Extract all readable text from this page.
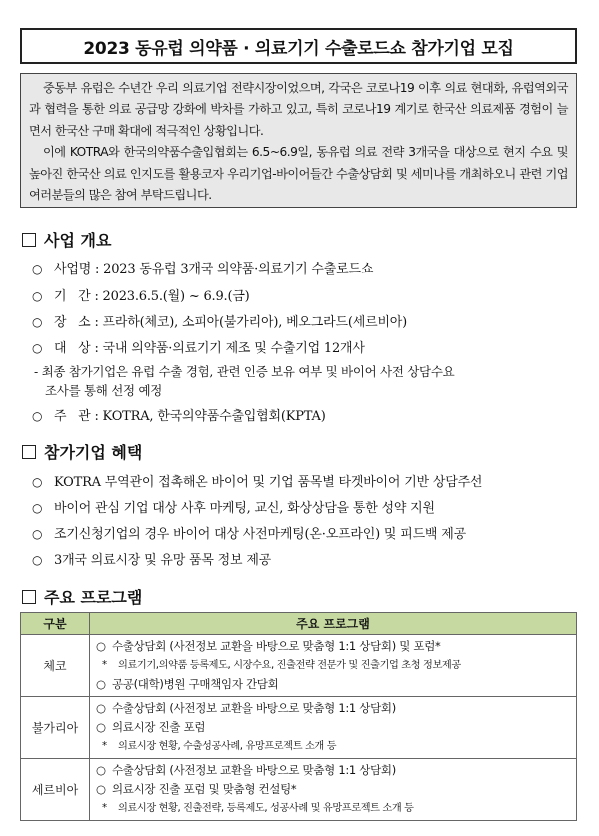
2023 동유럽 의약품 · 의료기기 수출로드쇼 참가기업 모집

중동부 유럽은 수년간 우리 의료기업 전략시장이었으며, 각국은 코로나19 이후 의료 현대화, 유럽역외국과 협력을 통한 의료 공급망 강화에 박차를 가하고 있고, 특히 코로나19 계기로 한국산 의료제품 경험이 늘면서 한국산 구매 확대에 적극적인 상황입니다.

이에 KOTRA와 한국의약품수출입협회는 6.5~6.9일, 동유럽 의료 전략 3개국을 대상으로 현지 수요 및 높아진 한국산 의료 인지도를 활용코자 우리기업-바이어들간 수출상담회 및 세미나를 개최하오니 관련 기업 여러분들의 많은 참여 부탁드립니다.

사업 개요
○ 사업명 : 2023 동유럽 3개국 의약품·의료기기 수출로드쇼
○ 기   간 : 2023.6.5.(월) ~ 6.9.(금)
○ 장   소 : 프라하(체코), 소피아(불가리아), 베오그라드(세르비아)
○ 대   상 : 국내 의약품·의료기기 제조 및 수출기업 12개사
- 최종 참가기업은 유럽 수출 경험, 관련 인증 보유 여부 및 바이어 사전 상담수요
조사를 통해 선정 예정
○ 주   관 : KOTRA, 한국의약품수출입협회(KPTA)
참가기업 혜택
○ KOTRA 무역관이 접촉해온 바이어 및 기업 품목별 타겟바이어 기반 상담주선
○ 바이어 관심 기업 대상 사후 마케팅, 교신, 화상상담을 통한 성약 지원
○ 조기신청기업의 경우 바이어 대상 사전마케팅(온·오프라인) 및 피드백 제공
○ 3개국 의료시장 및 유망 품목 정보 제공
주요 프로그램
구분	주요 프로그램
체코	○ 수출상담회 (사전정보 교환을 바탕으로 맞춤형 1:1 상담회) 및 포럼*
* 의료기기,의약품 등록제도, 시장수요, 진출전략 전문가 및 진출기업 초청 정보제공
○ 공공(대학)병원 구매책임자 간담회

불가리아	○ 수출상담회 (사전정보 교환을 바탕으로 맞춤형 1:1 상담회)
○ 의료시장 진출 포럼
* 의료시장 현황, 수출성공사례, 유망프로젝트 소개 등

세르비아	○ 수출상담회 (사전정보 교환을 바탕으로 맞춤형 1:1 상담회)
○ 의료시장 진출 포럼 및 맞춤형 컨설팅*
* 의료시장 현황, 진출전략, 등록제도, 성공사례 및 유망프로젝트 소개 등
